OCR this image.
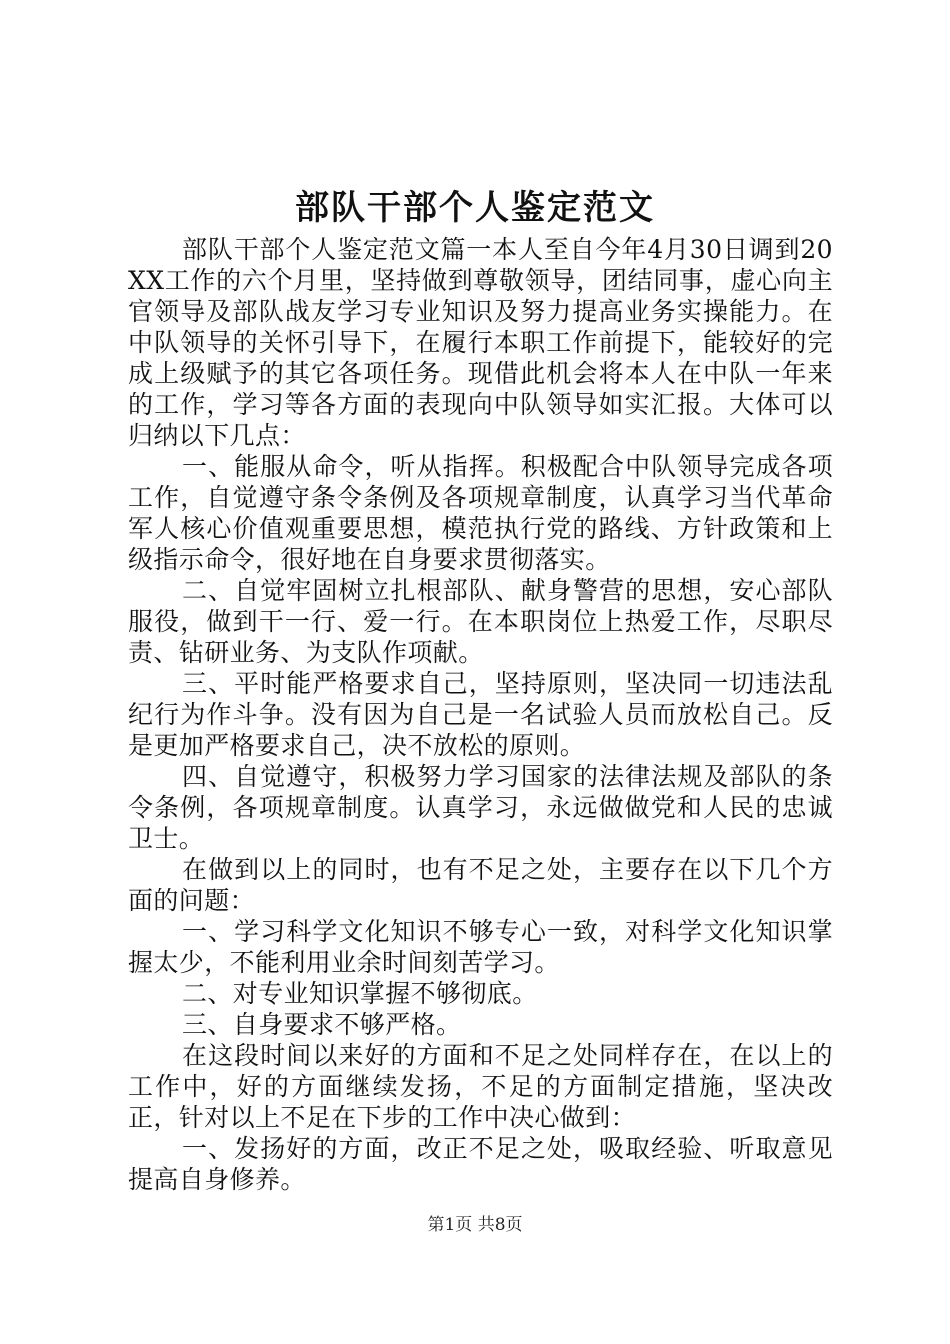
部队干部个人鉴定范文

部队干部个人鉴定范文篇一本人至自今年4月30日调到20XX工作的六个月里，坚持做到尊敬领导，团结同事，虚心向主官领导及部队战友学习专业知识及努力提高业务实操能力。在中队领导的关怀引导下，在履行本职工作前提下，能较好的完成上级赋予的其它各项任务。现借此机会将本人在中队一年来的工作，学习等各方面的表现向中队领导如实汇报。大体可以归纳以下几点：

一、能服从命令，听从指挥。积极配合中队领导完成各项工作，自觉遵守条令条例及各项规章制度，认真学习当代革命军人核心价值观重要思想，模范执行党的路线、方针政策和上级指示命令，很好地在自身要求贯彻落实。

二、自觉牢固树立扎根部队、献身警营的思想，安心部队服役，做到干一行、爱一行。在本职岗位上热爱工作，尽职尽责、钻研业务、为支队作项献。

三、平时能严格要求自己，坚持原则，坚决同一切违法乱纪行为作斗争。没有因为自己是一名试验人员而放松自己。反是更加严格要求自己，决不放松的原则。

四、自觉遵守，积极努力学习国家的法律法规及部队的条令条例，各项规章制度。认真学习，永远做做党和人民的忠诚卫士。

在做到以上的同时，也有不足之处，主要存在以下几个方面的问题：

一、学习科学文化知识不够专心一致，对科学文化知识掌握太少，不能利用业余时间刻苦学习。

二、对专业知识掌握不够彻底。

三、自身要求不够严格。

在这段时间以来好的方面和不足之处同样存在，在以上的工作中，好的方面继续发扬，不足的方面制定措施，坚决改正，针对以上不足在下步的工作中决心做到：

一、发扬好的方面，改正不足之处，吸取经验、听取意见提高自身修养。

第1页 共8页
